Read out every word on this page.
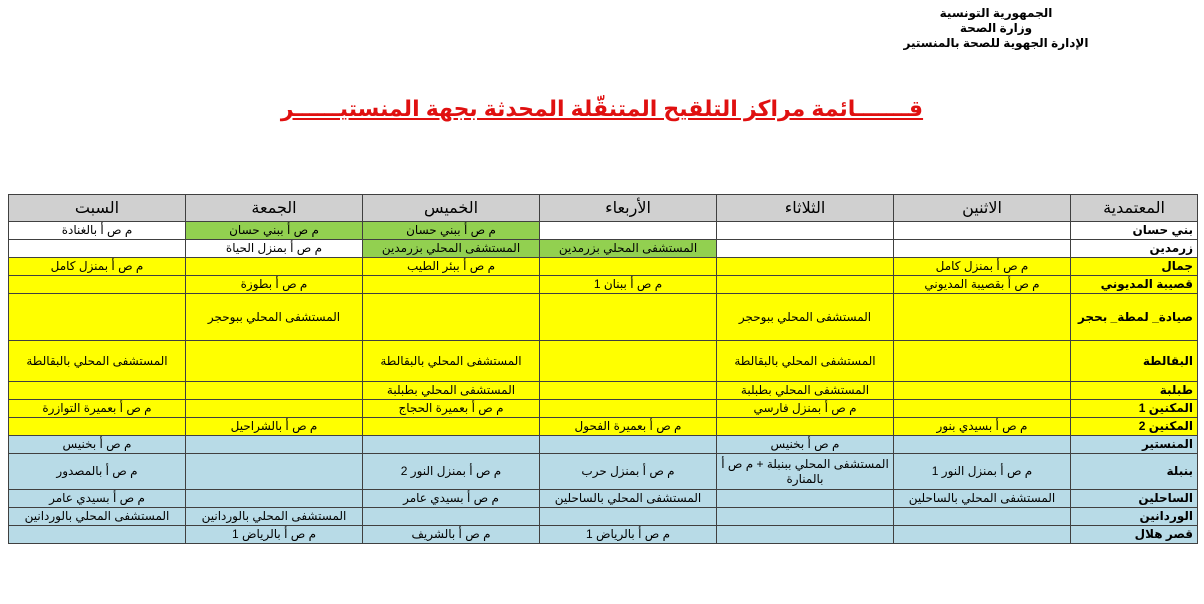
الجمهورية التونسية
وزارة الصحة
الإدارة الجهوية للصحة بالمنستير
قـــــــائمة مراكز التلقيح المتنقّلة المحدثة بجهة المنستيــــــر
المعتمدية	الاثنين	الثلاثاء	الأربعاء	الخميس	الجمعة	السبت
بني حسان				م ص أ ببني حسان	م ص أ ببني حسان	م ص أ بالغنادة
زرمدين			المستشفى المحلي بزرمدين	المستشفى المحلي بزرمدين	م ص أ بمنزل الحياة	
جمال	م ص أ بمنزل كامل			م ص أ ببئر الطيب		م ص أ بمنزل كامل
قصيبة المديوني	م ص أ بقصيبة المديوني		م ص أ ببنان 1		م ص أ بطوزة	
صيادة_ لمطة_ بحجر		المستشفى المحلي ببوحجر			المستشفى المحلي ببوحجر	
البقالطة		المستشفى المحلي بالبقالطة		المستشفى المحلي بالبقالطة		المستشفى المحلي بالبقالطة
طبلبة		المستشفى المحلي بطبلبة		المستشفى المحلي بطبلبة		
المكنين 1		م ص أ بمنزل فارسي		م ص أ بعميرة الحجاج		م ص أ بعميرة التوازرة
المكنين 2	م ص أ بسيدي بنور		م ص أ بعميرة الفحول		م ص أ بالشراحيل	
المنستير		م ص أ بخنيس				م ص أ بخنيس
بنبلة	م ص أ بمنزل النور 1	المستشفى المحلي ببنبلة + م ص أ بالمنارة	م ص أ بمنزل حرب	م ص أ بمنزل النور 2		م ص أ بالمصدور
الساحلين	المستشفى المحلي بالساحلين		المستشفى المحلي بالساحلين	م ص أ بسيدي عامر		م ص أ بسيدي عامر
الوردانين					المستشفى المحلي بالوردانين	المستشفى المحلي بالوردانين
قصر هلال			م ص أ بالرياض 1	م ص أ بالشريف	م ص أ بالرياض 1	
